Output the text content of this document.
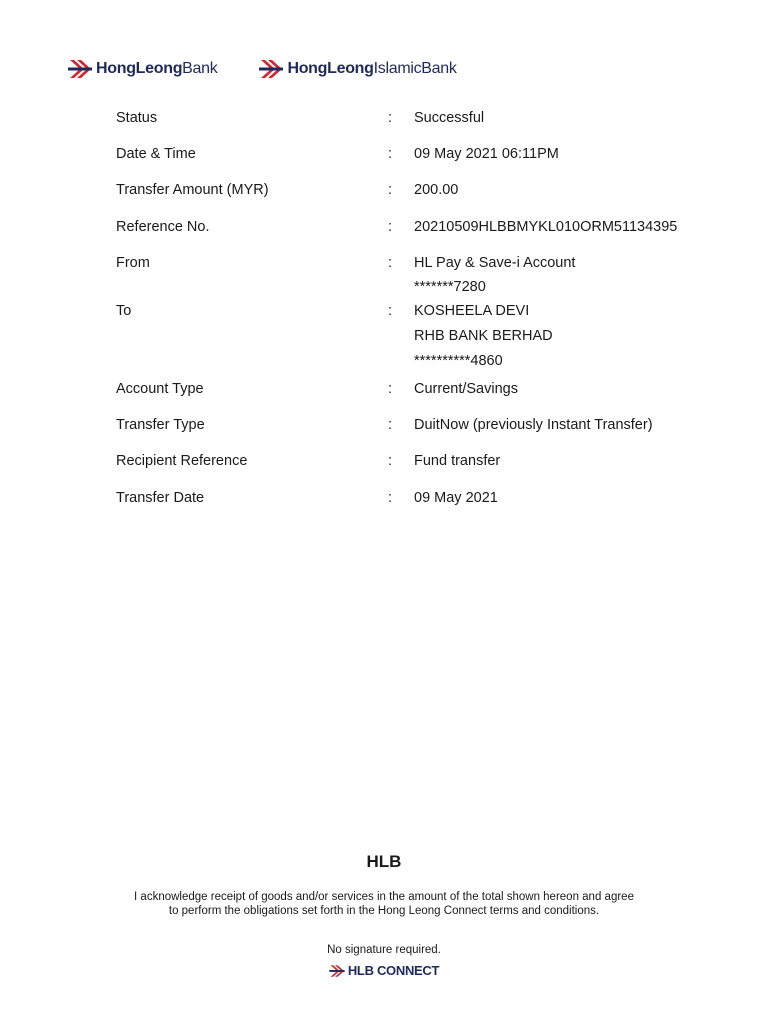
HongLeongBank	HongLeongIslamicBank
Status	:	Successful
Date & Time	:	09 May 2021 06:11PM
Transfer Amount (MYR)	:	200.00
Reference No.	:	20210509HLBBMYKL010ORM51134395
From	:	HL Pay & Save-i Account
*******7280
To	:	KOSHEELA DEVI
RHB BANK BERHAD
**********4860
Account Type	:	Current/Savings
Transfer Type	:	DuitNow (previously Instant Transfer)
Recipient Reference	:	Fund transfer
Transfer Date	:	09 May 2021
HLB

I acknowledge receipt of goods and/or services in the amount of the total shown hereon and agree to perform the obligations set forth in the Hong Leong Connect terms and conditions.

No signature required.
HLB CONNECT
